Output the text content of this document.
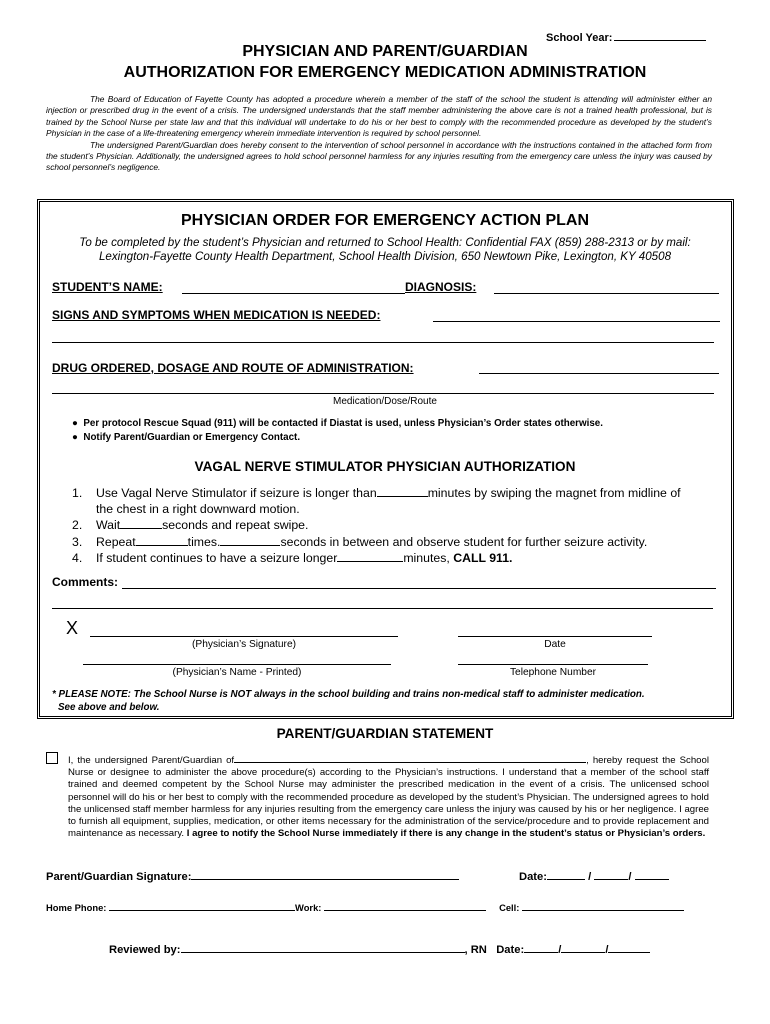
School Year:
PHYSICIAN AND PARENT/GUARDIAN
AUTHORIZATION FOR EMERGENCY MEDICATION ADMINISTRATION

The Board of Education of Fayette County has adopted a procedure wherein a member of the staff of the school the student is attending will administer either an injection or prescribed drug in the event of a crisis. The undersigned understands that the staff member administering the above care is not a trained health professional, but is trained by the School Nurse per state law and that this individual will undertake to do his or her best to comply with the recommended procedure as developed by the student’s Physician in the case of a life-threatening emergency wherein immediate intervention is required by school personnel.

The undersigned Parent/Guardian does hereby consent to the intervention of school personnel in accordance with the instructions contained in the attached form from the student’s Physician. Additionally, the undersigned agrees to hold school personnel harmless for any injuries resulting from the emergency care unless the injury was caused by school personnel’s negligence.

PHYSICIAN ORDER FOR EMERGENCY ACTION PLAN
To be completed by the student’s Physician and returned to School Health: Confidential FAX (859) 288-2313 or by mail:
Lexington-Fayette County Health Department, School Health Division, 650 Newtown Pike, Lexington, KY 40508
STUDENT’S NAME:	DIAGNOSIS:
SIGNS AND SYMPTOMS WHEN MEDICATION IS NEEDED:
DRUG ORDERED, DOSAGE AND ROUTE OF ADMINISTRATION:
Medication/Dose/Route
●  Per protocol Rescue Squad (911) will be contacted if Diastat is used, unless Physician’s Order states otherwise.
●  Notify Parent/Guardian or Emergency Contact.
VAGAL NERVE STIMULATOR PHYSICIAN AUTHORIZATION
1. Use Vagal Nerve Stimulator if seizure is longer than	minutes by swiping the magnet from midline of
the chest in a right downward motion.
2. Wait	seconds and repeat swipe.
3. Repeat	times.	seconds in between and observe student for further seizure activity.
4. If student continues to have a seizure longer	minutes, CALL 911.
Comments:
X
(Physician’s Signature)	Date
(Physician’s Name - Printed)	Telephone Number
* PLEASE NOTE: The School Nurse is NOT always in the school building and trains non-medical staff to administer medication.
See above and below.
PARENT/GUARDIAN STATEMENT
I, the undersigned Parent/Guardian of	, hereby request the School Nurse or designee to administer the above procedure(s) according to the Physician’s instructions. I understand that a member of the school staff trained and deemed competent by the School Nurse may administer the prescribed medication in the event of a crisis. The unlicensed school personnel will do his or her best to comply with the recommended procedure as developed by the student’s Physician. The undersigned agrees to hold the unlicensed staff member harmless for any injuries resulting from the emergency care unless the injury was caused by his or her negligence. I agree to furnish all equipment, supplies, medication, or other items necessary for the administration of the service/procedure and to provide replacement and maintenance as necessary. I agree to notify the School Nurse immediately if there is any change in the student’s status or Physician’s orders.
Parent/Guardian Signature:	Date:	/	/
Home Phone:	Work:	Cell:
Reviewed by:	, RN Date:	/	/
